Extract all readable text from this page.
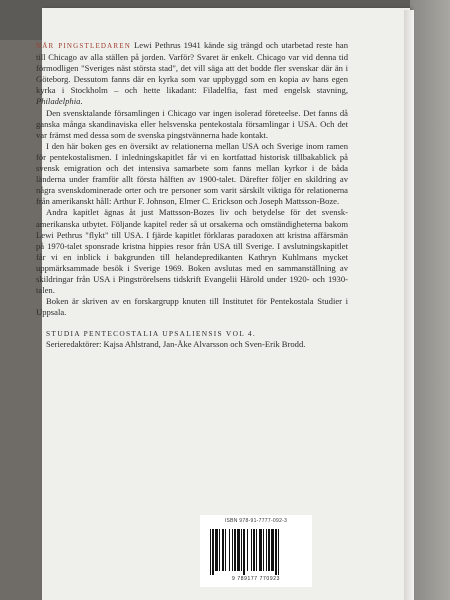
NÄR PINGSTLEDAREN Lewi Pethrus 1941 kände sig trängd och utarbetad reste han till Chicago av alla ställen på jorden. Varför? Svaret är enkelt. Chicago var vid denna tid förmodligen "Sveriges näst största stad", det vill säga att det bodde fler svenskar där än i Göteborg. Dessutom fanns där en kyrka som var uppbyggd som en kopia av hans egen kyrka i Stockholm – och hette likadant: Filadelfia, fast med engelsk stavning, Philadelphia.

Den svensktalande församlingen i Chicago var ingen isolerad företeelse. Det fanns då ganska många skandinaviska eller helsvenska pentekostala församlingar i USA. Och det var främst med dessa som de svenska pingstvännerna hade kontakt.

I den här boken ges en översikt av relationerna mellan USA och Sverige inom ramen för pentekostalismen. I inledningskapitlet får vi en kortfattad historisk tillbakablick på svensk emigration och det intensiva samarbete som fanns mellan kyrkor i de båda länderna under framför allt första hälften av 1900-talet. Därefter följer en skildring av några svenskdominerade orter och tre personer som varit särskilt viktiga för relationerna från amerikanskt håll: Arthur F. Johnson, Elmer C. Erickson och Joseph Mattsson-Boze.

Andra kapitlet ägnas åt just Mattsson-Bozes liv och betydelse för det svensk-amerikanska utbytet. Följande kapitel reder så ut orsakerna och omständigheterna bakom Lewi Pethrus "flykt" till USA. I fjärde kapitlet förklaras paradoxen att kristna affärsmän på 1970-talet sponsrade kristna hippies resor från USA till Sverige. I avslutningskapitlet får vi en inblick i bakgrunden till helandepredikanten Kathryn Kuhlmans mycket uppmärksammade besök i Sverige 1969. Boken avslutas med en sammanställning av skildringar från USA i Pingströrelsens tidskrift Evangelii Härold under 1920- och 1930-talen.

Boken är skriven av en forskargrupp knuten till Institutet för Pentekostala Studier i Uppsala.

STUDIA PENTECOSTALIA UPSALIENSIS VOL 4.

Serieredaktörer: Kajsa Ahlstrand, Jan-Åke Alvarsson och Sven-Erik Brodd.

ISBN 978-91-7777-092-3
9 789177 770923
